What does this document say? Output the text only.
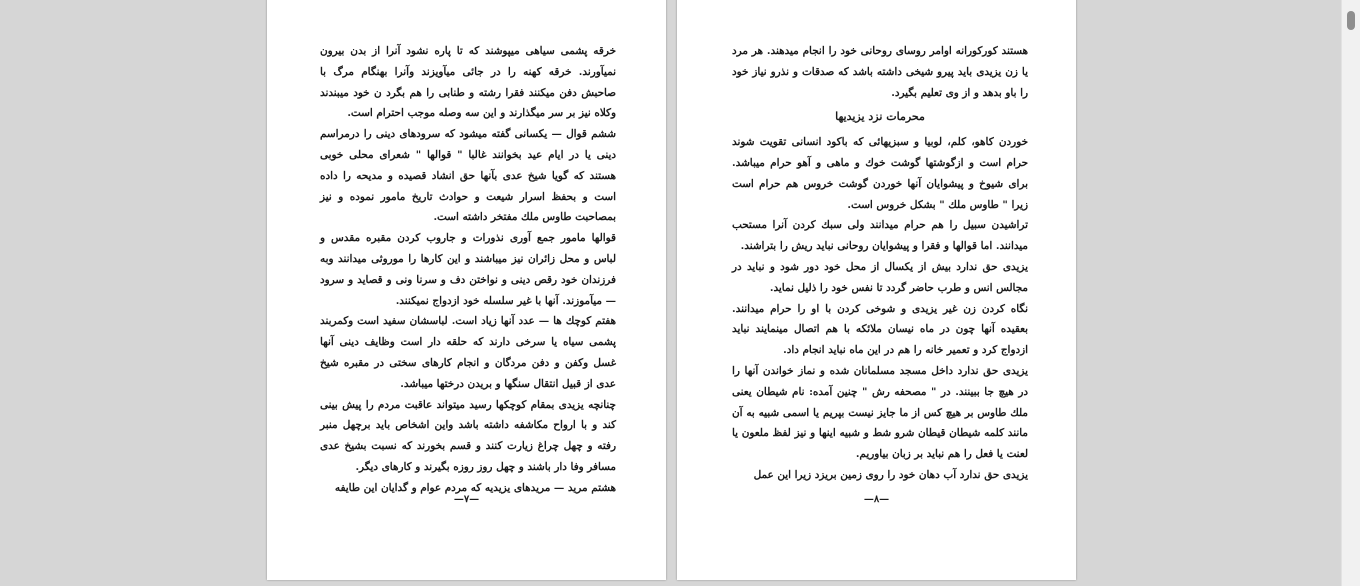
خرقه پشمی سیاهی میپوشند که تا پاره نشود آنرا از بدن بیرون نمیآورند. خرقه کهنه را در جائی میآویزند وآنرا بهنگام مرگ با صاحبش دفن میکنند فقرا رشته و طنابی را هم بگرد ن خود میبندند وکلاه نیز بر سر میگذارند و این سه وصله موجب احترام است.

ششم قوال — یکسانی گفته میشود که سرودهای دینی را درمراسم دینی یا در ایام عید بخوانند غالبا " قوالها " شعرای محلی خوبی هستند که گویا شیخ عدی بآنها حق انشاد قصیده و مدیحه را داده است و بحفظ اسرار شیعت و حوادث تاریخ مامور نموده و نیز بمصاحبت طاوس ملك مفتخر داشته است.

قوالها مامور جمع آوری نذورات و جاروب کردن مقبره مقدس و لباس و محل زائران نیز میباشند و این کارها را موروثی میدانند وبه فرزندان خود رقص دینی و نواختن دف و سرنا ونی و قصاید و سرود — میآموزند. آنها با غیر سلسله خود ازدواج نمیکنند.

هفتم کوچك ها — عدد آنها زیاد است. لباسشان سفید است وکمربند پشمی سیاه یا سرخی دارند که حلقه دار است وظایف دینی آنها غسل وکفن و دفن مردگان و انجام کارهای سختی در مقبره شیخ عدی از قبیل انتقال سنگها و بریدن درختها میباشد.

چنانچه یزیدی بمقام کوچکها رسید میتواند عاقبت مردم را پیش بینی کند و با ارواح مکاشفه داشته باشد واین اشخاص باید برچهل منبر رفته و چهل چراغ زیارت کنند و قسم بخورند که نسبت بشیخ عدی مسافر وفا دار باشند و چهل روز روزه بگیرند و کارهای دیگر.

هشتم مرید — مریدهای یزیدیه که مردم عوام و گدایان این طایفه

—۷—

هستند کورکورانه اوامر روسای روحانی خود را انجام میدهند. هر مرد یا زن یزیدی باید پیرو شیخی داشته باشد که صدقات و نذرو نیاز خود را باو بدهد و از وی تعلیم بگیرد.

محرمات نزد یزیدیها

خوردن کاهو، کلم، لوبیا و سبزیهائی که باکود انسانی تقویت شوند حرام است و ازگوشتها گوشت خوك و ماهی و آهو حرام میباشد. برای شیوخ و پیشوایان آنها خوردن گوشت خروس هم حرام است زیرا " طاوس ملك " بشکل خروس است.

تراشیدن سبیل را هم حرام میدانند ولی سبك کردن آنرا مستحب میدانند. اما قوالها و فقرا و پیشوایان روحانی نباید ریش را بتراشند.

یزیدی حق ندارد بیش از یکسال از محل خود دور شود و نباید در مجالس انس و طرب حاضر گردد تا نفس خود را ذلیل نماید.

نگاه کردن زن غیر یزیدی و شوخی کردن با او را حرام میدانند. بعقیده آنها چون در ماه نیسان ملائکه با هم اتصال مینمایند نباید ازدواج کرد و تعمیر خانه را هم در این ماه نباید انجام داد.

یزیدی حق ندارد داخل مسجد مسلمانان شده و نماز خواندن آنها را در هیچ جا ببینند. در " مصحفه رش " چنین آمده: نام شیطان یعنی ملك طاوس بر هیچ کس از ما جایز نیست بپریم یا اسمی شبیه به آن مانند کلمه شیطان قیطان شرو شط و شبیه اینها و نیز لفظ ملعون یا لعنت یا فعل را هم نباید بر زبان بیاوریم.

یزیدی حق ندارد آب دهان خود را روی زمین بریزد زیرا این عمل

—۸—
